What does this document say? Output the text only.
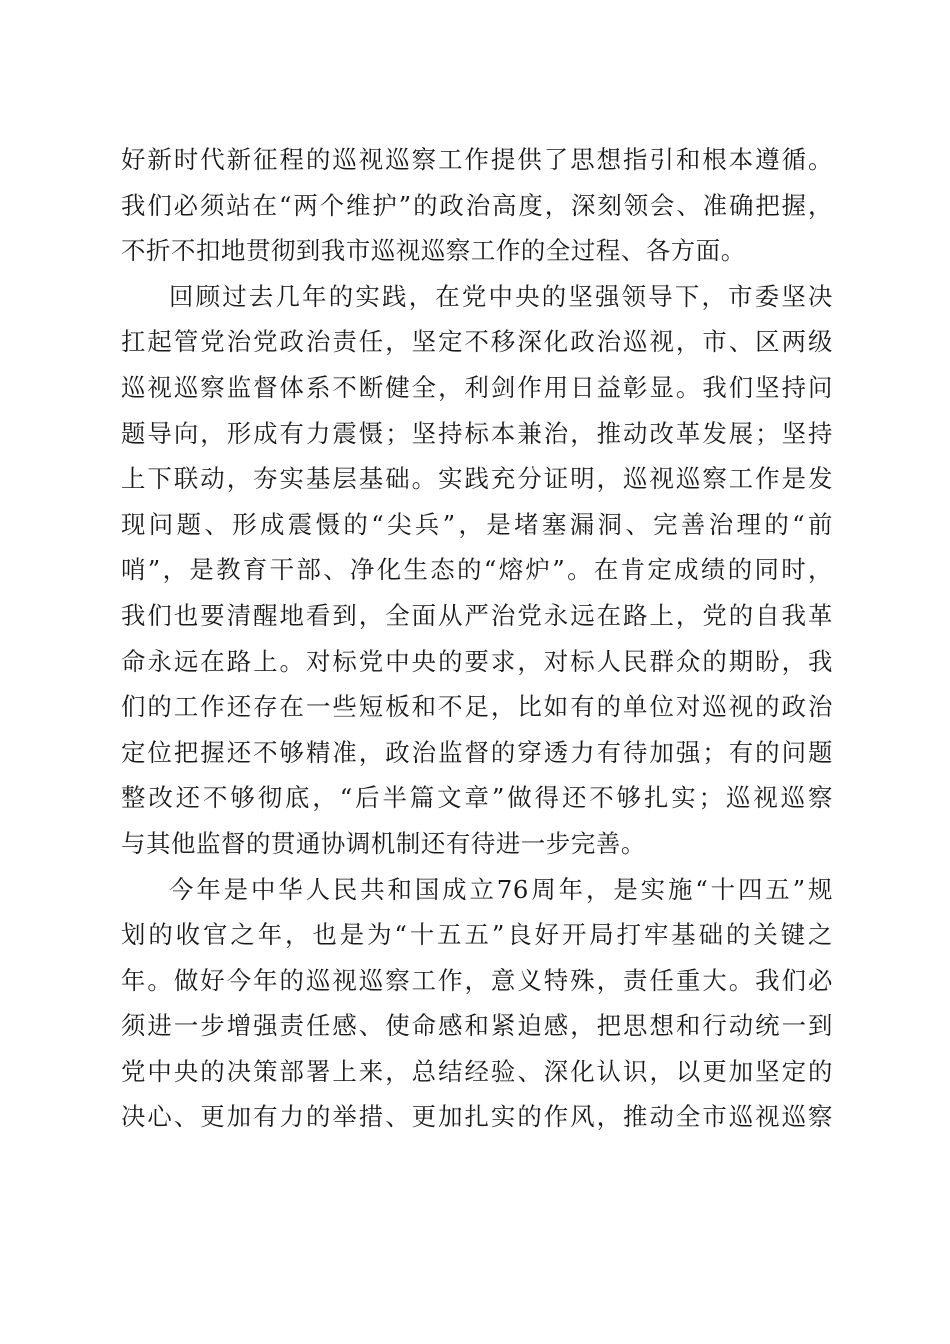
好新时代新征程的巡视巡察工作提供了思想指引和根本遵循。
我们必须站在“两个维护”的政治高度，深刻领会、准确把握，
不折不扣地贯彻到我市巡视巡察工作的全过程、各方面。
回顾过去几年的实践，在党中央的坚强领导下，市委坚决
扛起管党治党政治责任，坚定不移深化政治巡视，市、区两级
巡视巡察监督体系不断健全，利剑作用日益彰显。我们坚持问
题导向，形成有力震慑；坚持标本兼治，推动改革发展；坚持
上下联动，夯实基层基础。实践充分证明，巡视巡察工作是发
现问题、形成震慑的“尖兵”，是堵塞漏洞、完善治理的“前
哨”，是教育干部、净化生态的“熔炉”。在肯定成绩的同时，
我们也要清醒地看到，全面从严治党永远在路上，党的自我革
命永远在路上。对标党中央的要求，对标人民群众的期盼，我
们的工作还存在一些短板和不足，比如有的单位对巡视的政治
定位把握还不够精准，政治监督的穿透力有待加强；有的问题
整改还不够彻底，“后半篇文章”做得还不够扎实；巡视巡察
与其他监督的贯通协调机制还有待进一步完善。
今年是中华人民共和国成立76周年，是实施“十四五”规
划的收官之年，也是为“十五五”良好开局打牢基础的关键之
年。做好今年的巡视巡察工作，意义特殊，责任重大。我们必
须进一步增强责任感、使命感和紧迫感，把思想和行动统一到
党中央的决策部署上来，总结经验、深化认识，以更加坚定的
决心、更加有力的举措、更加扎实的作风，推动全市巡视巡察
